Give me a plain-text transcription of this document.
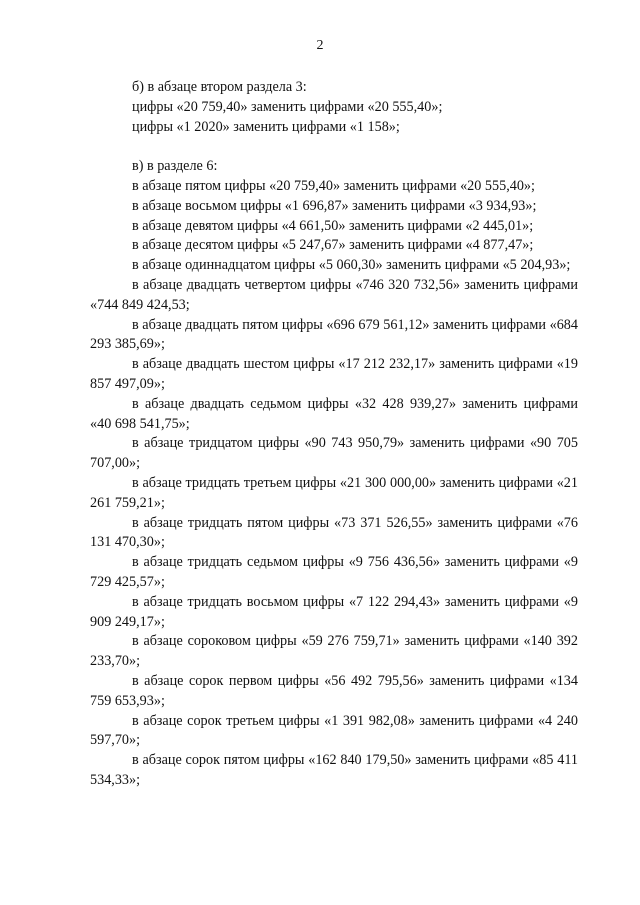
2

б) в абзаце втором раздела 3:

цифры «20 759,40» заменить цифрами «20 555,40»;

цифры «1 2020» заменить цифрами «1 158»;

в) в разделе 6:

в абзаце пятом цифры «20 759,40» заменить цифрами «20 555,40»;

в абзаце восьмом цифры «1 696,87» заменить цифрами «3 934,93»;

в абзаце девятом цифры «4 661,50» заменить цифрами «2 445,01»;

в абзаце десятом цифры «5 247,67» заменить цифрами «4 877,47»;

в абзаце одиннадцатом цифры «5 060,30» заменить цифрами «5 204,93»;

в абзаце двадцать четвертом цифры «746 320 732,56» заменить цифрами «744 849 424,53;

в абзаце двадцать пятом цифры «696 679 561,12» заменить цифрами «684 293 385,69»;

в абзаце двадцать шестом цифры «17 212 232,17» заменить цифрами «19 857 497,09»;

в абзаце двадцать седьмом цифры «32 428 939,27» заменить цифрами «40 698 541,75»;

в абзаце тридцатом цифры «90 743 950,79» заменить цифрами «90 705 707,00»;

в абзаце тридцать третьем цифры «21 300 000,00» заменить цифрами «21 261 759,21»;

в абзаце тридцать пятом цифры «73 371 526,55» заменить цифрами «76 131 470,30»;

в абзаце тридцать седьмом цифры «9 756 436,56» заменить цифрами «9 729 425,57»;

в абзаце тридцать восьмом цифры «7 122 294,43» заменить цифрами «9 909 249,17»;

в абзаце сороковом цифры «59 276 759,71» заменить цифрами «140 392 233,70»;

в абзаце сорок первом цифры «56 492 795,56» заменить цифрами «134 759 653,93»;

в абзаце сорок третьем цифры «1 391 982,08» заменить цифрами «4 240 597,70»;

в абзаце сорок пятом цифры «162 840 179,50» заменить цифрами «85 411 534,33»;
